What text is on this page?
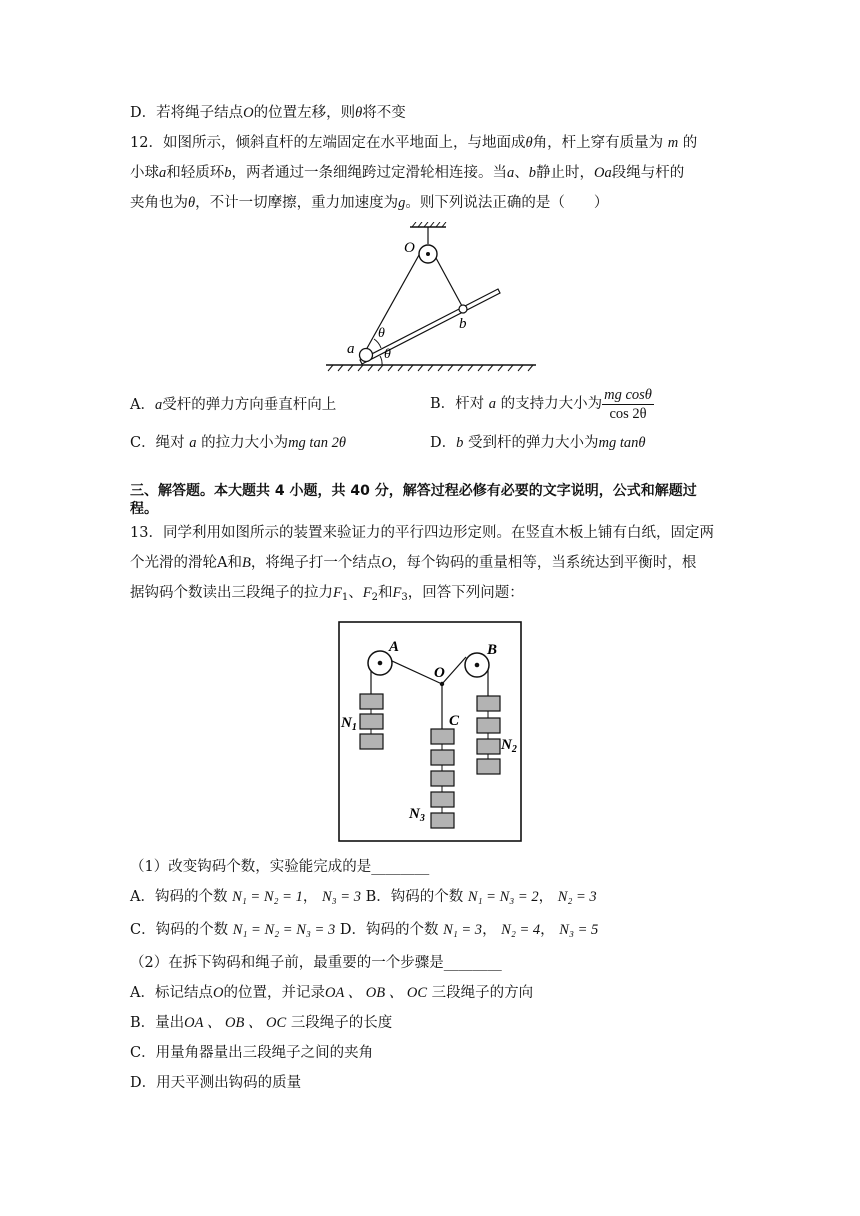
D．若将绳子结点O的位置左移，则θ将不变
12．如图所示，倾斜直杆的左端固定在水平地面上，与地面成θ角，杆上穿有质量为 m 的
小球a和轻质环b，两者通过一条细绳跨过定滑轮相连接。当a、b静止时，Oa段绳与杆的
夹角也为θ，不计一切摩擦，重力加速度为g。则下列说法正确的是（　　）
O
b
θ
a θ
A．a受杆的弹力方向垂直杆向上	B．杆对 a 的支持力大小为 $\frac{\text{mg cosθ}}{\cos 2\theta}$
C．绳对 a 的拉力大小为mg tan 2θ	D．b 受到杆的弹力大小为mg tanθ
三、解答题。本大题共 4 小题，共 40 分，解答过程必修有必要的文字说明，公式和解题过
程。
13．同学利用如图所示的装置来验证力的平行四边形定则。在竖直木板上铺有白纸，固定两
个光滑的滑轮A和B，将绳子打一个结点O，每个钩码的重量相等，当系统达到平衡时，根
据钩码个数读出三段绳子的拉力$F_1$、$F_2$和$F_3$，回答下列问题：
A	B
O
C
$N_1$
$N_2$
$N_3$
（1）改变钩码个数，实验能完成的是________
A．钩码的个数 N₁ = N₂ = 1， N₃ = 3 B．钩码的个数 N₁ = N₃ = 2， N₂ = 3
C．钩码的个数 N₁ = N₂ = N₃ = 3 D．钩码的个数 N₁ = 3， N₂ = 4， N₃ = 5
（2）在拆下钩码和绳子前，最重要的一个步骤是________
A．标记结点O的位置，并记录OA 、 OB 、 OC 三段绳子的方向
B．量出OA 、 OB 、 OC 三段绳子的长度
C．用量角器量出三段绳子之间的夹角
D．用天平测出钩码的质量
